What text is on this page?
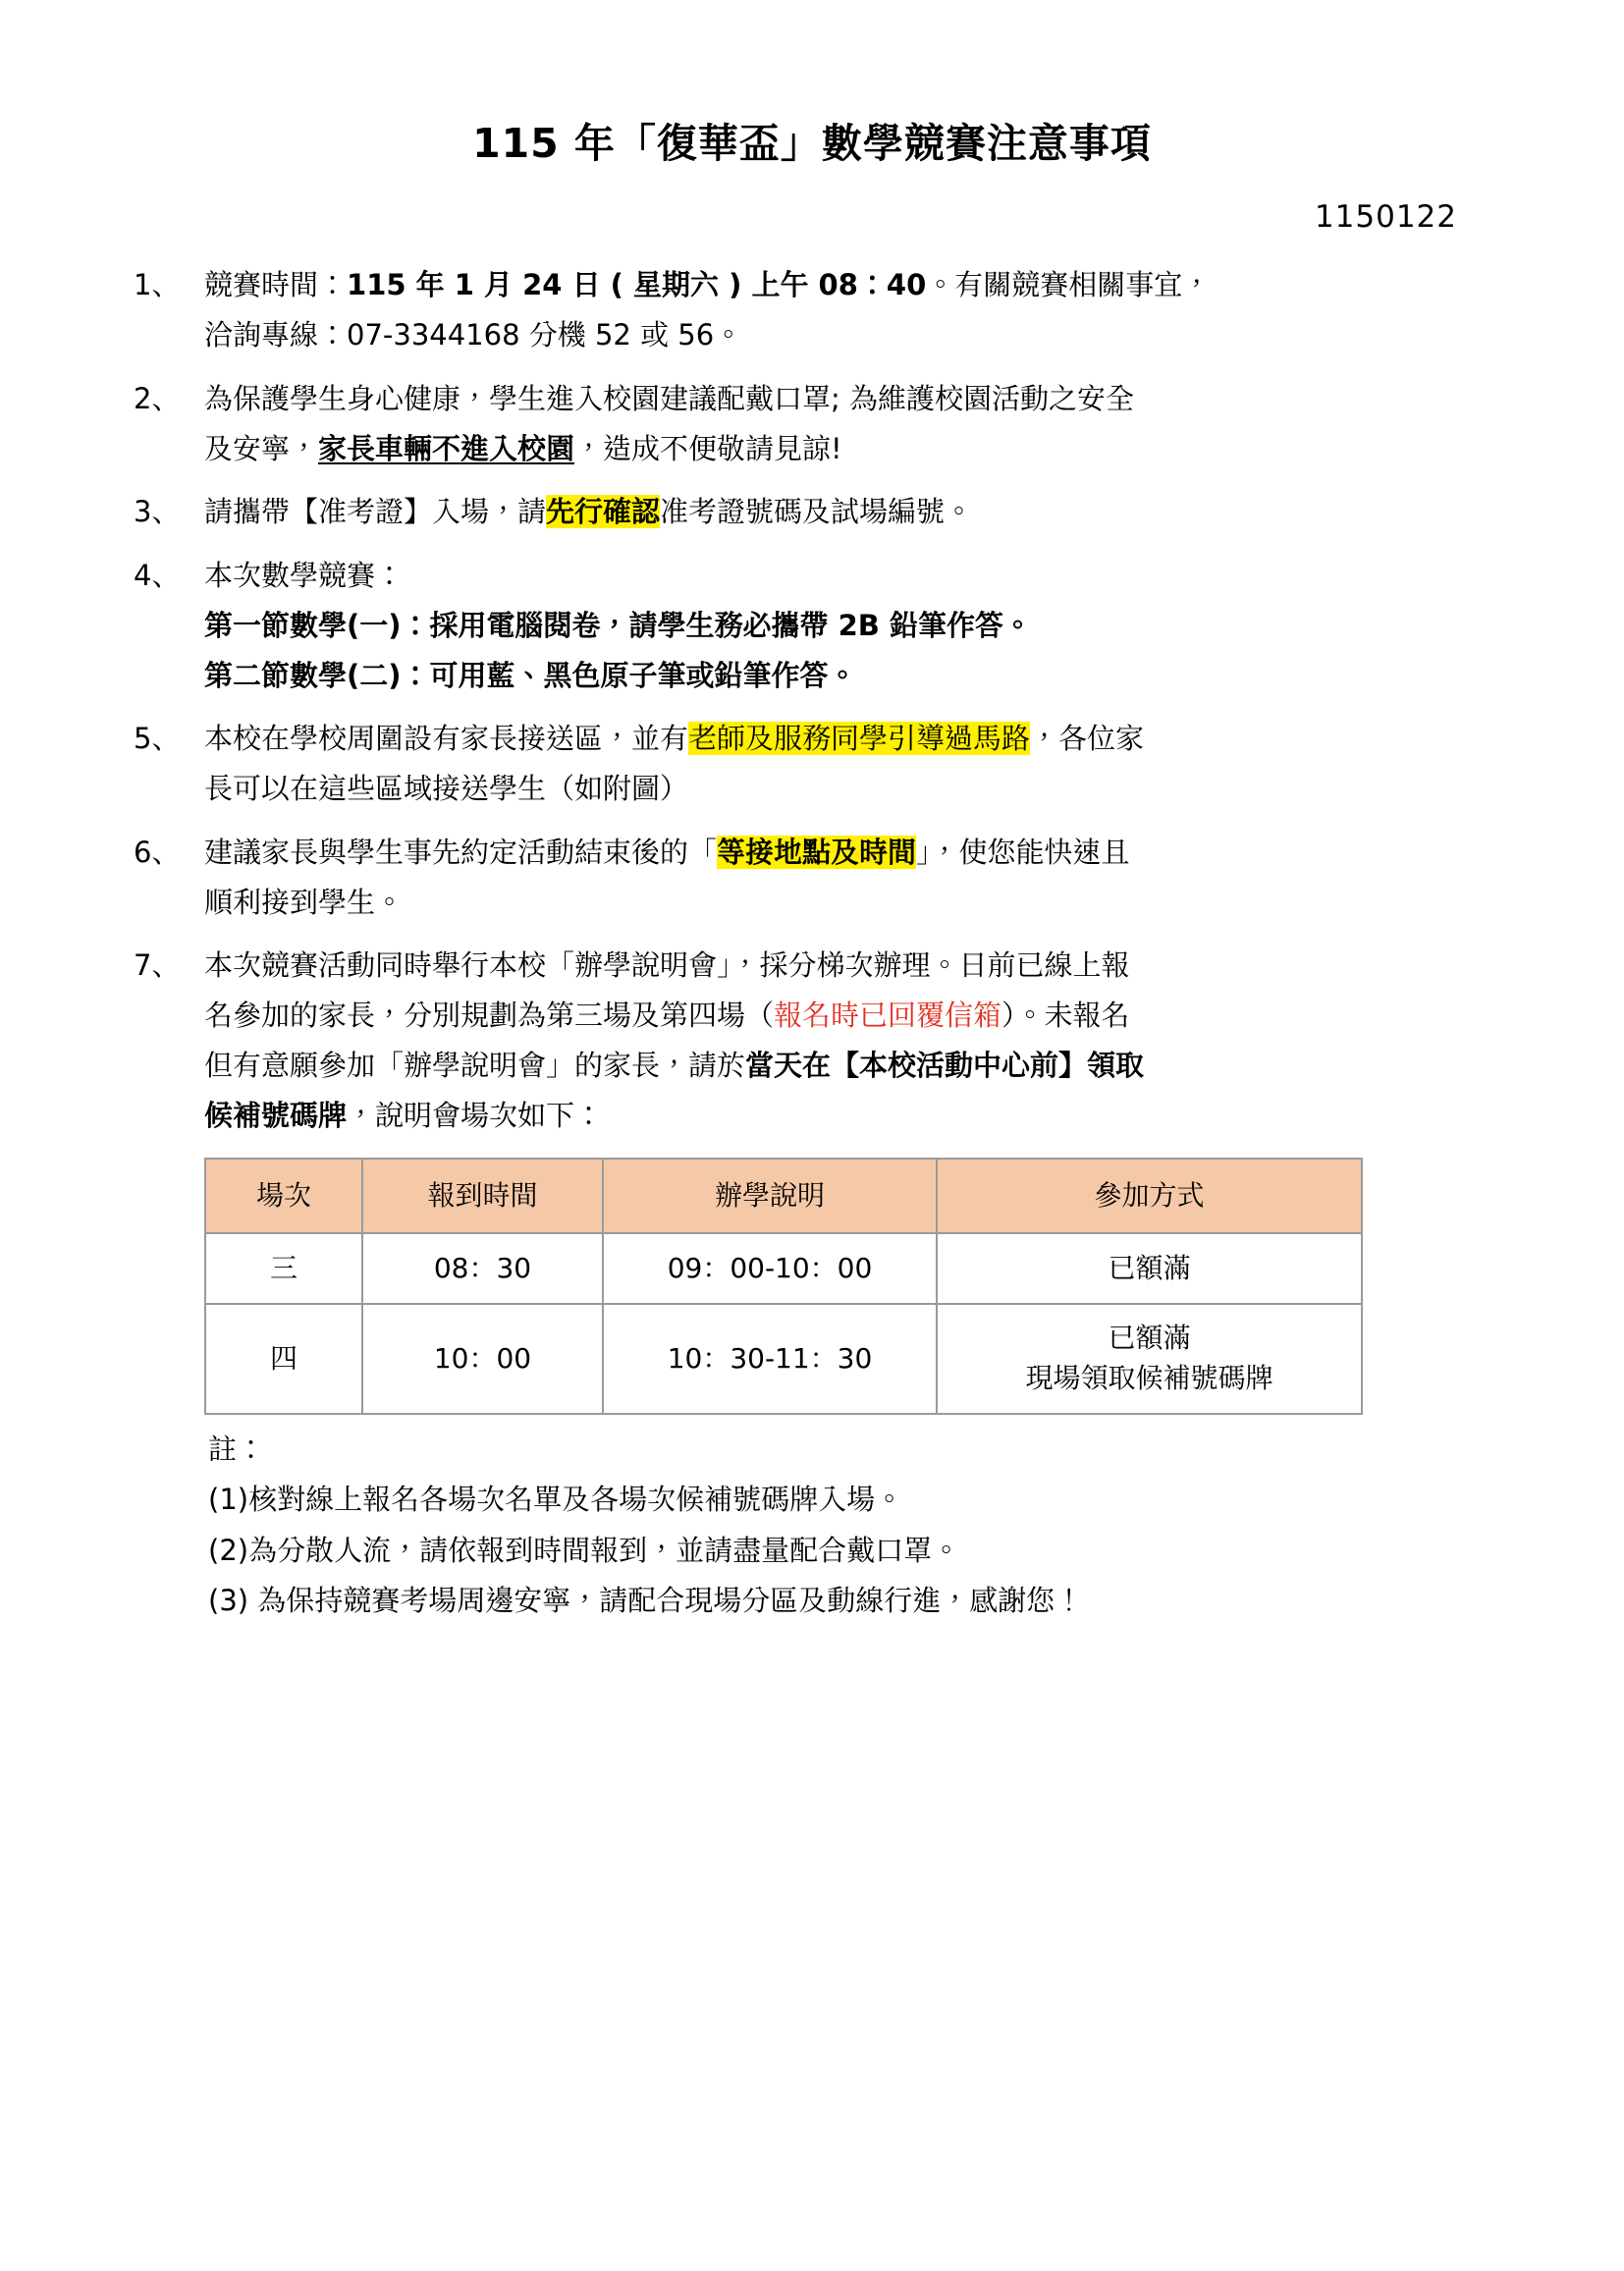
115 年「復華盃」數學競賽注意事項
1150122
1、 競賽時間：115 年 1 月 24 日 ( 星期六 ) 上午 08：40。有關競賽相關事宜，
洽詢專線：07-3344168 分機 52 或 56。
2、 為保護學生身心健康，學生進入校園建議配戴口罩; 為維護校園活動之安全
及安寧，家長車輛不進入校園，造成不便敬請見諒!
3、 請攜帶【准考證】入場，請先行確認准考證號碼及試場編號。
4、 本次數學競賽：
第一節數學(一)：採用電腦閱卷，請學生務必攜帶 2B 鉛筆作答。
第二節數學(二)：可用藍、黑色原子筆或鉛筆作答。
5、 本校在學校周圍設有家長接送區，並有老師及服務同學引導過馬路，各位家
長可以在這些區域接送學生（如附圖）
6、 建議家長與學生事先約定活動結束後的「等接地點及時間」，使您能快速且
順利接到學生。
7、 本次競賽活動同時舉行本校「辦學說明會」，採分梯次辦理。日前已線上報
名參加的家長，分別規劃為第三場及第四場（報名時已回覆信箱）。未報名
但有意願參加「辦學說明會」的家長，請於當天在【本校活動中心前】領取
候補號碼牌，說明會場次如下：
場次	報到時間	辦學說明	參加方式
三	08：30	09：00-10：00	已額滿

四	10：00	10：30-11：30	已額滿
現場領取候補號碼牌
註：
(1)核對線上報名各場次名單及各場次候補號碼牌入場。
(2)為分散人流，請依報到時間報到，並請盡量配合戴口罩。
(3) 為保持競賽考場周邊安寧，請配合現場分區及動線行進，感謝您！
